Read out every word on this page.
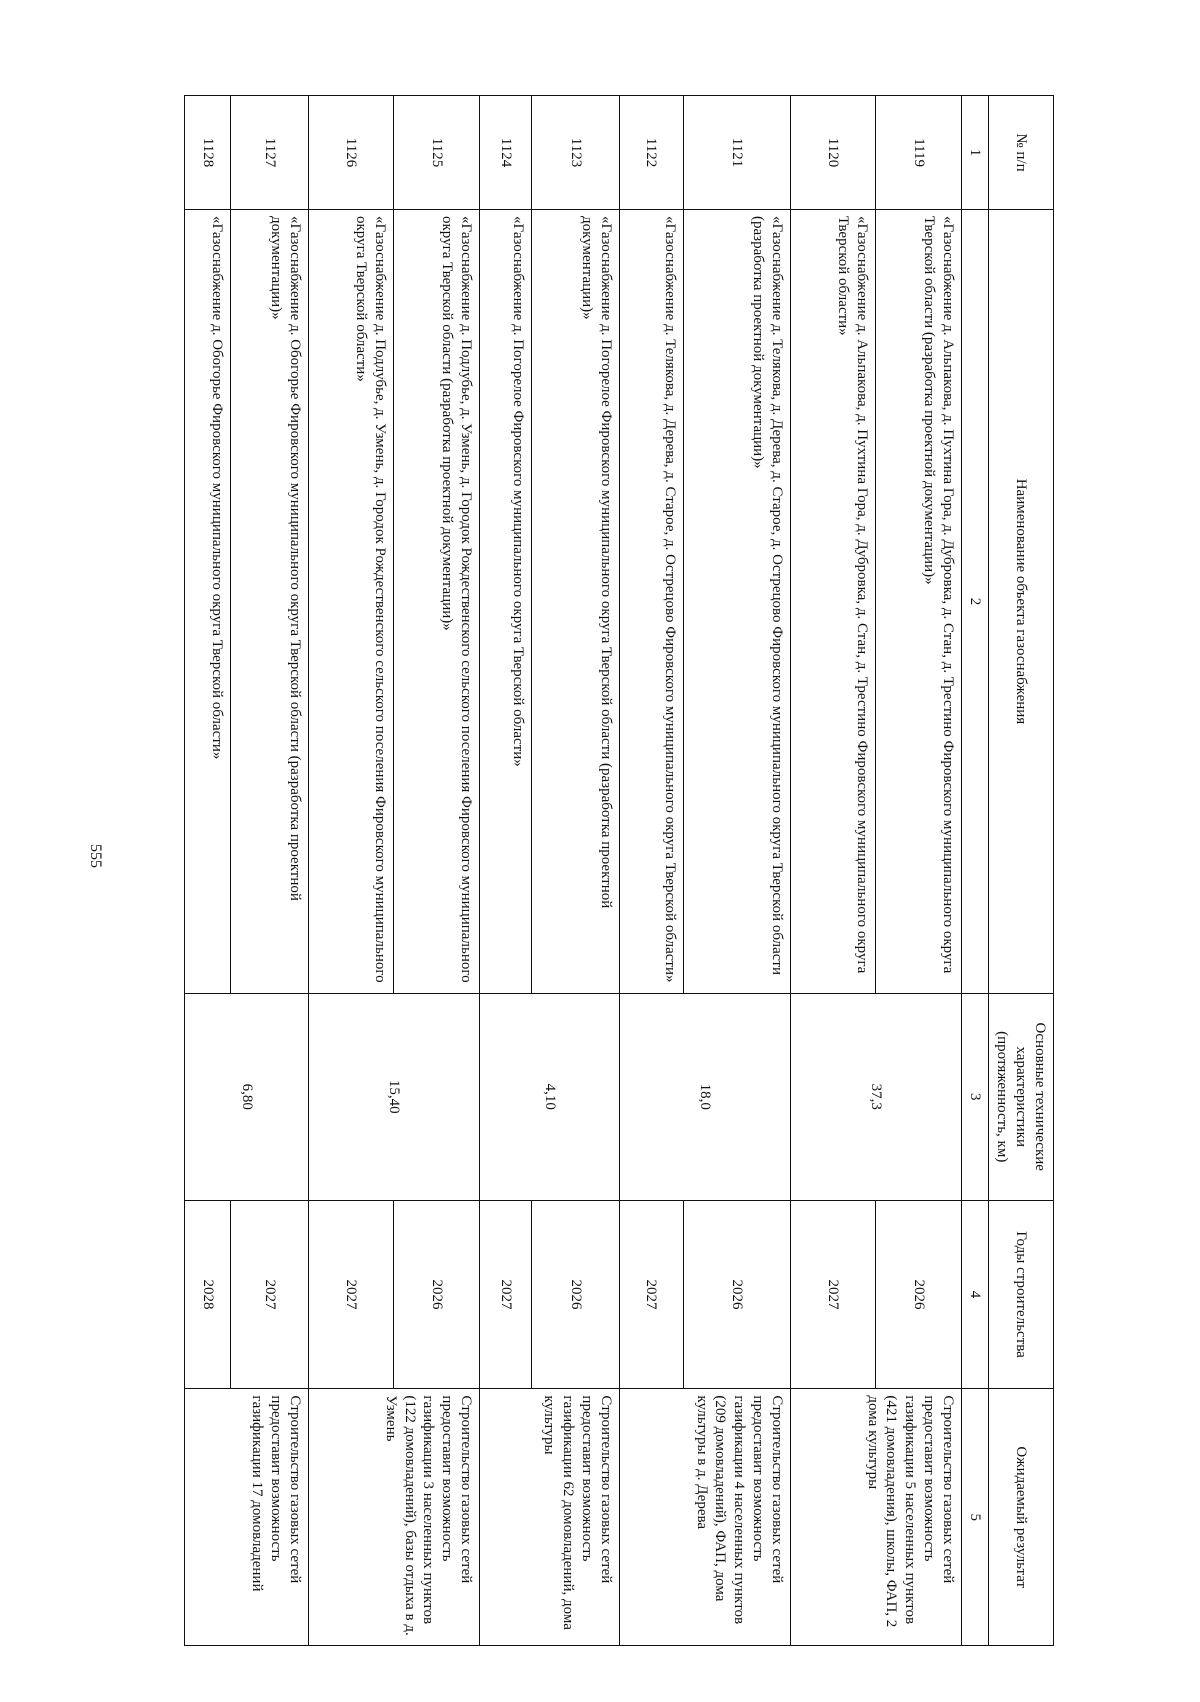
555
№ п/п	Наименование объекта газоснабжения	Основные технические характеристики (протяженность, км)	Годы строительства	Ожидаемый результат
1	2	3	4	5
1119	«Газоснабжение д. Альпакова, д. Пухтина Гора, д. Дубровка, д. Стан, д. Трестино Фировского муниципального округа Тверской области (разработка проектной документации)»	37,3	2026	Строительство газовых сетей предоставит возможность газификации 5 населенных пунктов (421 домовладения), школы, ФАП, 2 дома культуры
1120	«Газоснабжение д. Альпакова, д. Пухтина Гора, д. Дубровка, д. Стан, д. Трестино Фировского муниципального округа Тверской области»		2027	
1121	«Газоснабжение д. Телякова, д. Дерева, д. Старое, д. Острецово Фировского муниципального округа Тверской области (разработка проектной документации)»	18,0	2026	Строительство газовых сетей предоставит возможность газификации 4 населенных пунктов (209 домовладений), ФАП, дома культуры в д. Дерева
1122	«Газоснабжение д. Телякова, д. Дерева, д. Старое, д. Острецово Фировского муниципального округа Тверской области»		2027	
1123	«Газоснабжение д. Погорелое Фировского муниципального округа Тверской области (разработка проектной документации)»	4,10	2026	Строительство газовых сетей предоставит возможность газификации 62 домовладений, дома культуры
1124	«Газоснабжение д. Погорелое Фировского муниципального округа Тверской области»		2027	
1125	«Газоснабжение д. Подлубье, д. Узмень, д. Городок Рождественского сельского поселения Фировского муниципального округа Тверской области (разработка проектной документации)»	15,40	2026	Строительство газовых сетей предоставит возможность газификации 3 населенных пунктов (122 домовладений), базы отдыха в д. Узмень
1126	«Газоснабжение д. Подлубье, д. Узмень, д. Городок Рождественского сельского поселения Фировского муниципального округа Тверской области»		2027	
1127	«Газоснабжение д. Обогорье Фировского муниципального округа Тверской области (разработка проектной документации)»	6,80	2027	Строительство газовых сетей предоставит возможность газификации 17 домовладений
1128	«Газоснабжение д. Обогорье Фировского муниципального округа Тверской области»		2028	
